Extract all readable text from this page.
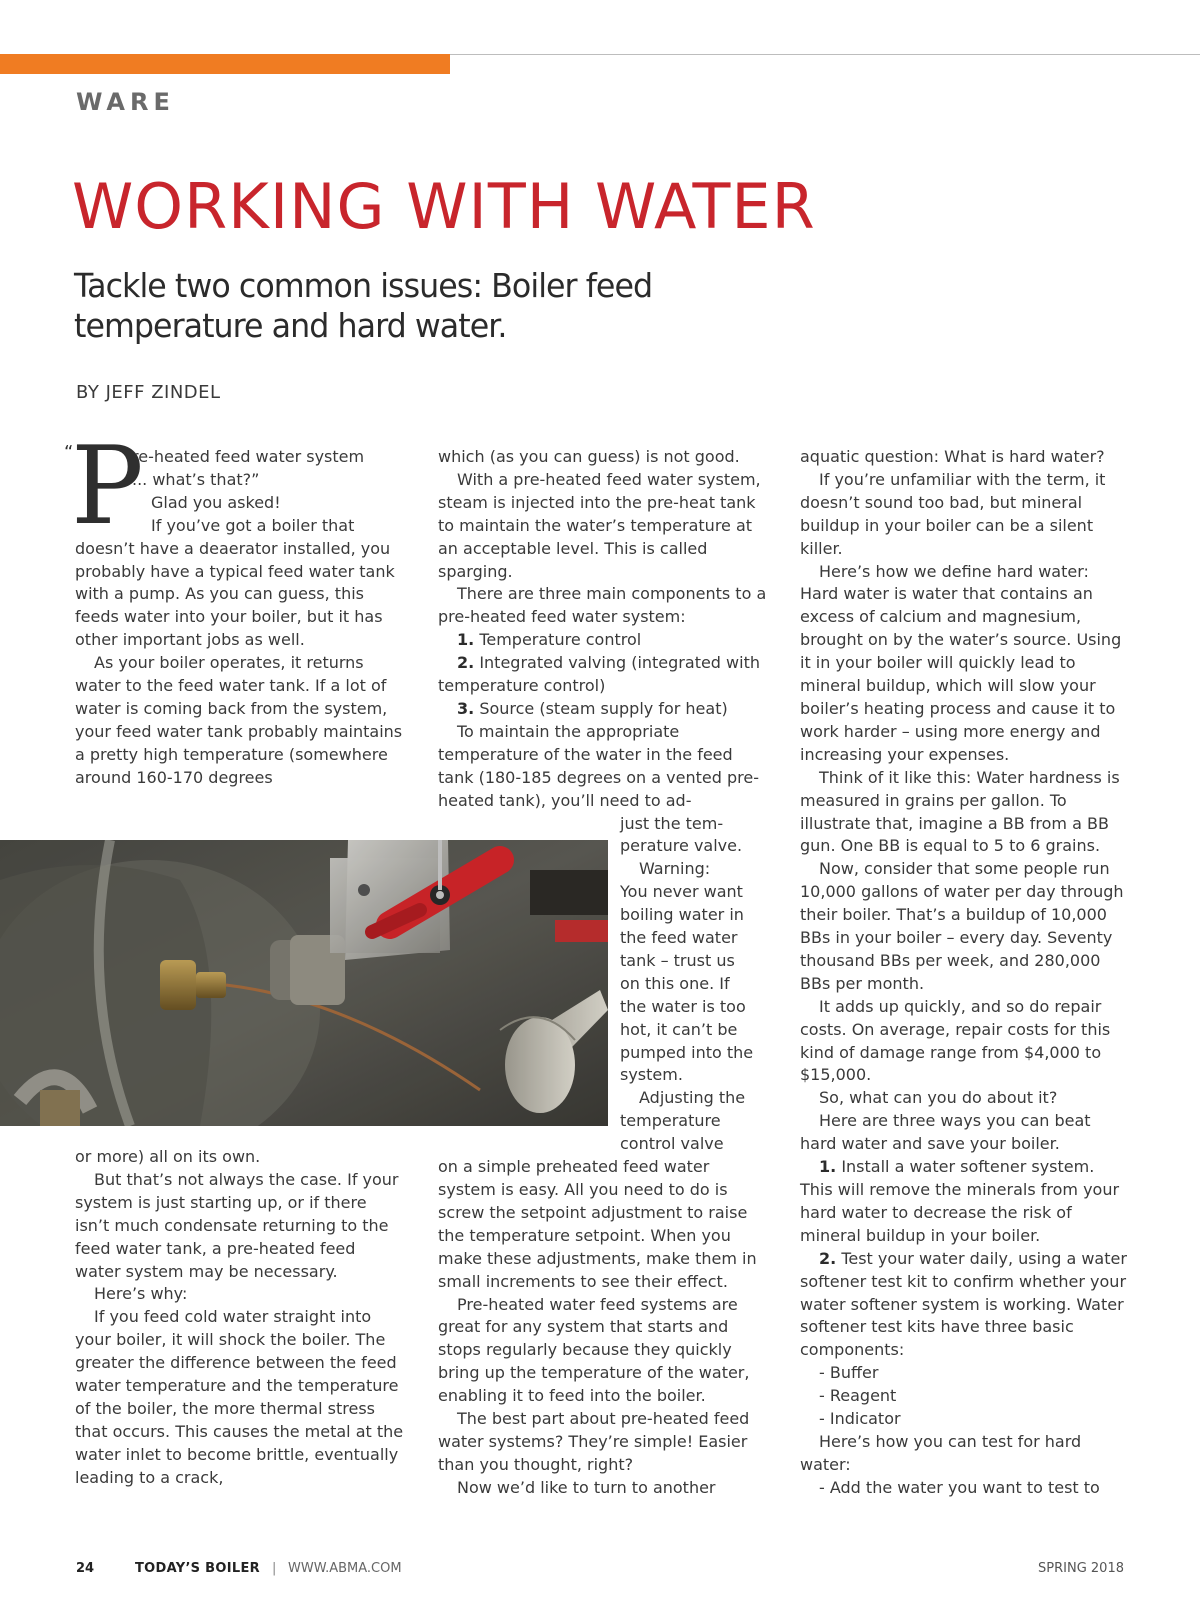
WARE
WORKING WITH WATER
Tackle two common issues: Boiler feed temperature and hard water.
BY JEFF ZINDEL
“
P

re-heated feed water system

... what’s that?”

Glad you asked!

If you’ve got a boiler that doesn’t have a deaerator installed, you probably have a typical feed water tank with a pump. As you can guess, this feeds water into your boiler, but it has other important jobs as well.

As your boiler operates, it returns water to the feed water tank. If a lot of water is coming back from the system, your feed water tank probably maintains a pretty high temperature (somewhere around 160-170 degrees

or more) all on its own.

But that’s not always the case. If your system is just starting up, or if there isn’t much condensate returning to the feed water tank, a pre-heated feed water system may be necessary.

Here’s why:

If you feed cold water straight into your boiler, it will shock the boiler. The greater the difference between the feed water temperature and the temperature of the boiler, the more thermal stress that occurs. This causes the metal at the water inlet to become brittle, eventually leading to a crack,

which (as you can guess) is not good.

With a pre-heated feed water system, steam is injected into the pre-heat tank to maintain the water’s temperature at an acceptable level. This is called sparging.

There are three main components to a pre-heated feed water system:

1. Temperature control

2. Integrated valving (integrated with temperature control)

3. Source (steam supply for heat)

To maintain the appropriate temperature of the water in the feed tank (180-185 degrees on a vented pre-heated tank), you’ll need to ad-

just the tem-
perature valve.
Warning:
You never want
boiling water in
the feed water
tank – trust us
on this one. If
the water is too
hot, it can’t be
pumped into the
system.
Adjusting the
temperature
control valve

on a simple preheated feed water system is easy. All you need to do is screw the setpoint adjustment to raise the temperature setpoint. When you make these adjustments, make them in small increments to see their effect.

Pre-heated water feed systems are great for any system that starts and stops regularly because they quickly bring up the temperature of the water, enabling it to feed into the boiler.

The best part about pre-heated feed water systems? They’re simple! Easier than you thought, right?

Now we’d like to turn to another

aquatic question: What is hard water?

If you’re unfamiliar with the term, it doesn’t sound too bad, but mineral buildup in your boiler can be a silent killer.

Here’s how we define hard water: Hard water is water that contains an excess of calcium and magnesium, brought on by the water’s source. Using it in your boiler will quickly lead to mineral buildup, which will slow your boiler’s heating process and cause it to work harder – using more energy and increasing your expenses.

Think of it like this: Water hardness is measured in grains per gallon. To illustrate that, imagine a BB from a BB gun. One BB is equal to 5 to 6 grains.

Now, consider that some people run 10,000 gallons of water per day through their boiler. That’s a buildup of 10,000 BBs in your boiler – every day. Seventy thousand BBs per week, and 280,000 BBs per month.

It adds up quickly, and so do repair costs. On average, repair costs for this kind of damage range from $4,000 to $15,000.

So, what can you do about it?

Here are three ways you can beat hard water and save your boiler.

1. Install a water softener system. This will remove the minerals from your hard water to decrease the risk of mineral buildup in your boiler.

2. Test your water daily, using a water softener test kit to confirm whether your water softener system is working. Water softener test kits have three basic components:

- Buffer

- Reagent

- Indicator

Here’s how you can test for hard water:

- Add the water you want to test to

24	TODAY’S BOILER | WWW.ABMA.COM	SPRING 2018
